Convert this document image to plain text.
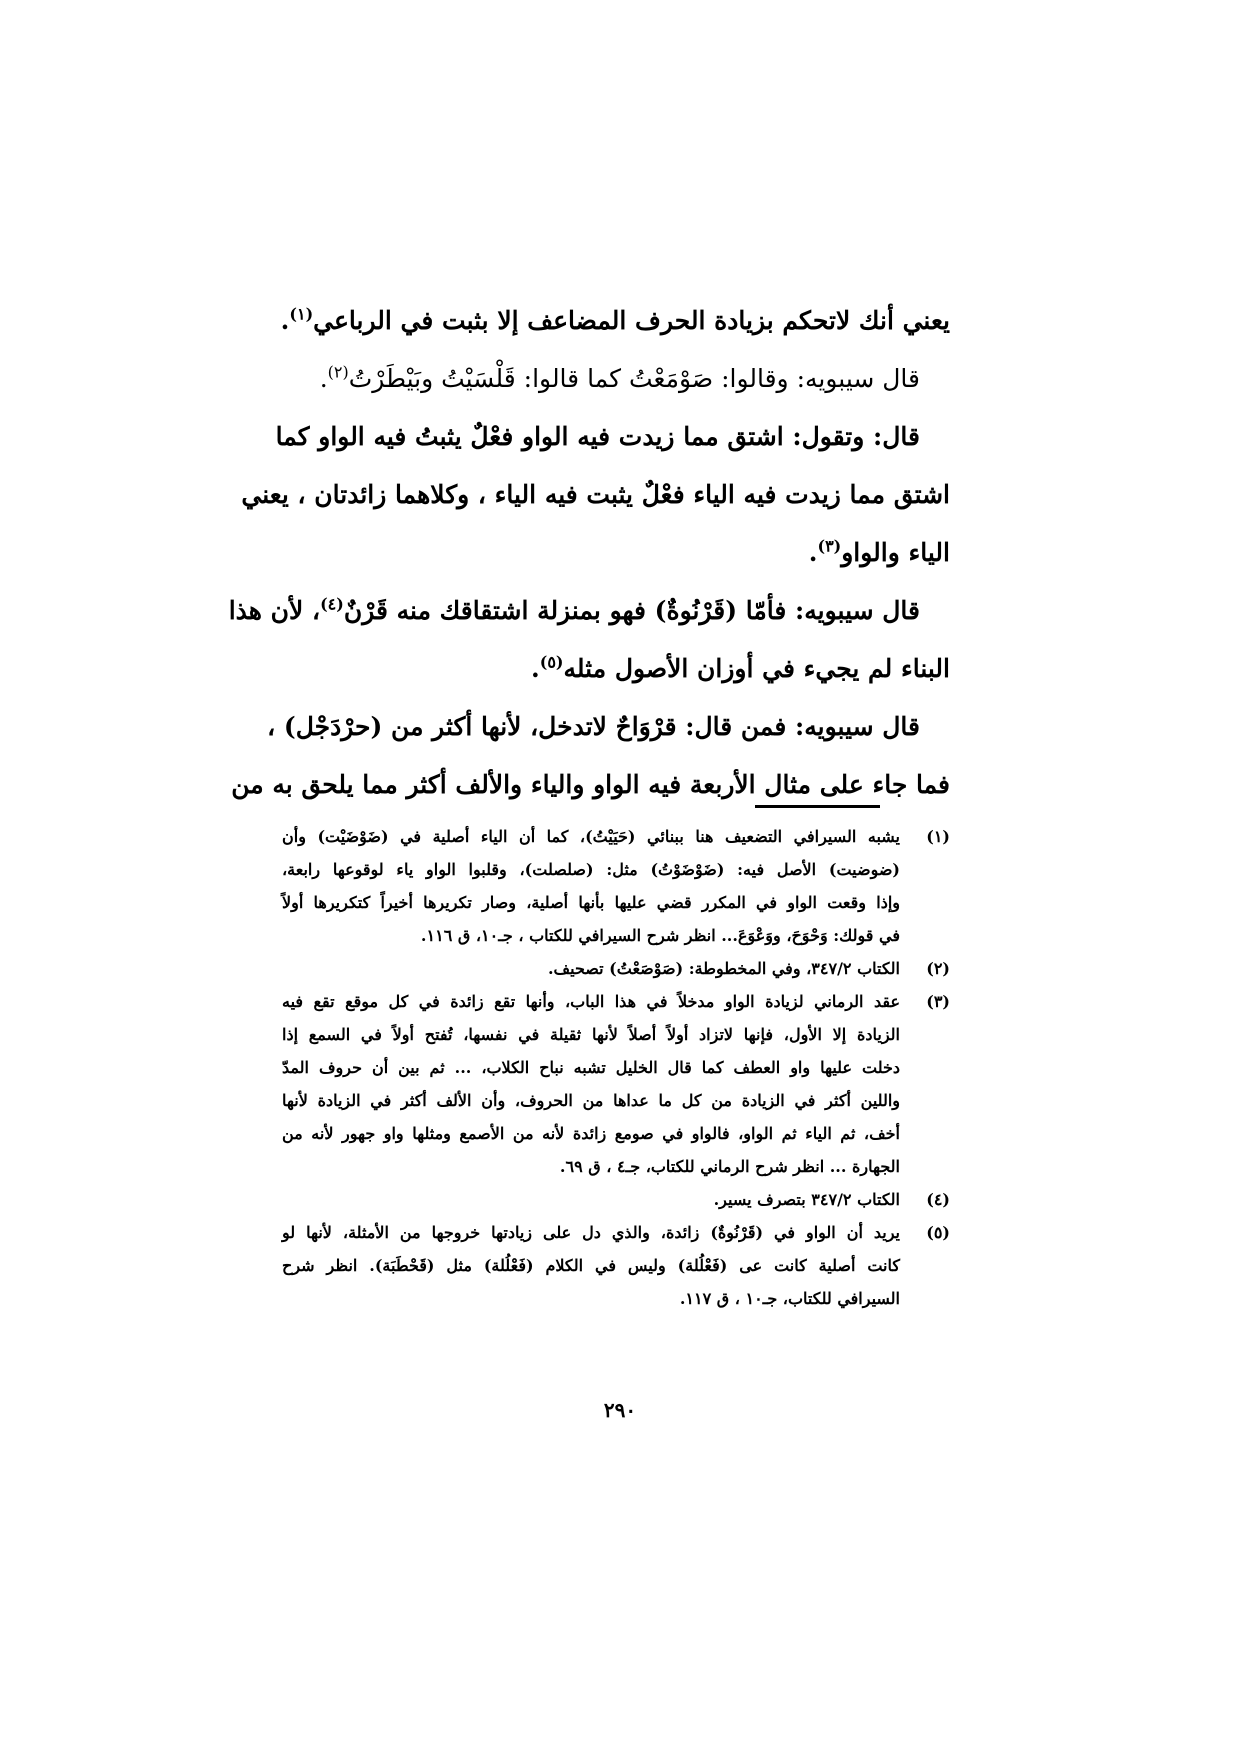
يعني أنك لاتحكم بزيادة الحرف المضاعف إلا بثبت في الرباعي$^{(١)}$.
قال سيبويه: وقالوا: صَوْمَعْتُ كما قالوا: قَلْسَيْتُ وبَيْطَرْتُ$^{(٢)}$.
قال: وتقول: اشتق مما زيدت فيه الواو فعْلٌ يثبتُ فيه الواو كما
اشتق مما زيدت فيه الياء فعْلٌ يثبت فيه الياء ، وكلاهما زائدتان ، يعني
الياء والواو$^{(٣)}$.
قال سيبويه: فأمّا (قَرْنُوةٌ) فهو بمنزلة اشتقاقك منه قَرْنٌ$^{(٤)}$، لأن هذا
البناء لم يجيء في أوزان الأصول مثله$^{(٥)}$.
قال سيبويه: فمن قال: قرْوَاحٌ لاتدخل، لأنها أكثر من (حرْدَجْل) ،
فما جاء على مثال الأربعة فيه الواو والياء والألف أكثر مما يلحق به من
(١)
يشبه السيرافي التضعيف هنا ببنائي (حَيَيْتُ)، كما أن الياء أصلية في (ضَوْضَيْت) وأن
(ضوضيت) الأصل فيه: (ضَوْضَوْتُ) مثل: (صلصلت)، وقلبوا الواو ياء لوقوعها رابعة،
وإذا وقعت الواو في المكرر قضي عليها بأنها أصلية، وصار تكريرها أخيراً كتكريرها أولاً
في قولك: وَحْوَحَ، ووَعْوَعَ... انظر شرح السيرافي للكتاب ، جـ١٠، ق ١١٦.
(٢)
الكتاب ٣٤٧/٢، وفي المخطوطة: (صَوْصَعْتُ) تصحيف.
(٣)
عقد الرماني لزيادة الواو مدخلاً في هذا الباب، وأنها تقع زائدة في كل موقع تقع فيه
الزيادة إلا الأول، فإنها لاتزاد أولاً أصلاً لأنها ثقيلة في نفسها، تُفتح أولاً في السمع إذا
دخلت عليها واو العطف كما قال الخليل تشبه نباح الكلاب، ... ثم بين أن حروف المدّ
واللين أكثر في الزيادة من كل ما عداها من الحروف، وأن الألف أكثر في الزيادة لأنها
أخف، ثم الياء ثم الواو، فالواو في صومع زائدة لأنه من الأصمع ومثلها واو جهور لأنه من
الجهارة ... انظر شرح الرماني للكتاب، جـ٤ ، ق ٦٩.
(٤)
الكتاب ٣٤٧/٢ بتصرف يسير.
(٥)
يريد أن الواو في (قَرْنُوةٌ) زائدة، والذي دل على زيادتها خروجها من الأمثلة، لأنها لو
كانت أصلية كانت عى (فَعْلُلة) وليس في الكلام (فَعْلُلة) مثل (قَحْطَبَة). انظر شرح
السيرافي للكتاب، جـ١٠ ، ق ١١٧.
٢٩٠
